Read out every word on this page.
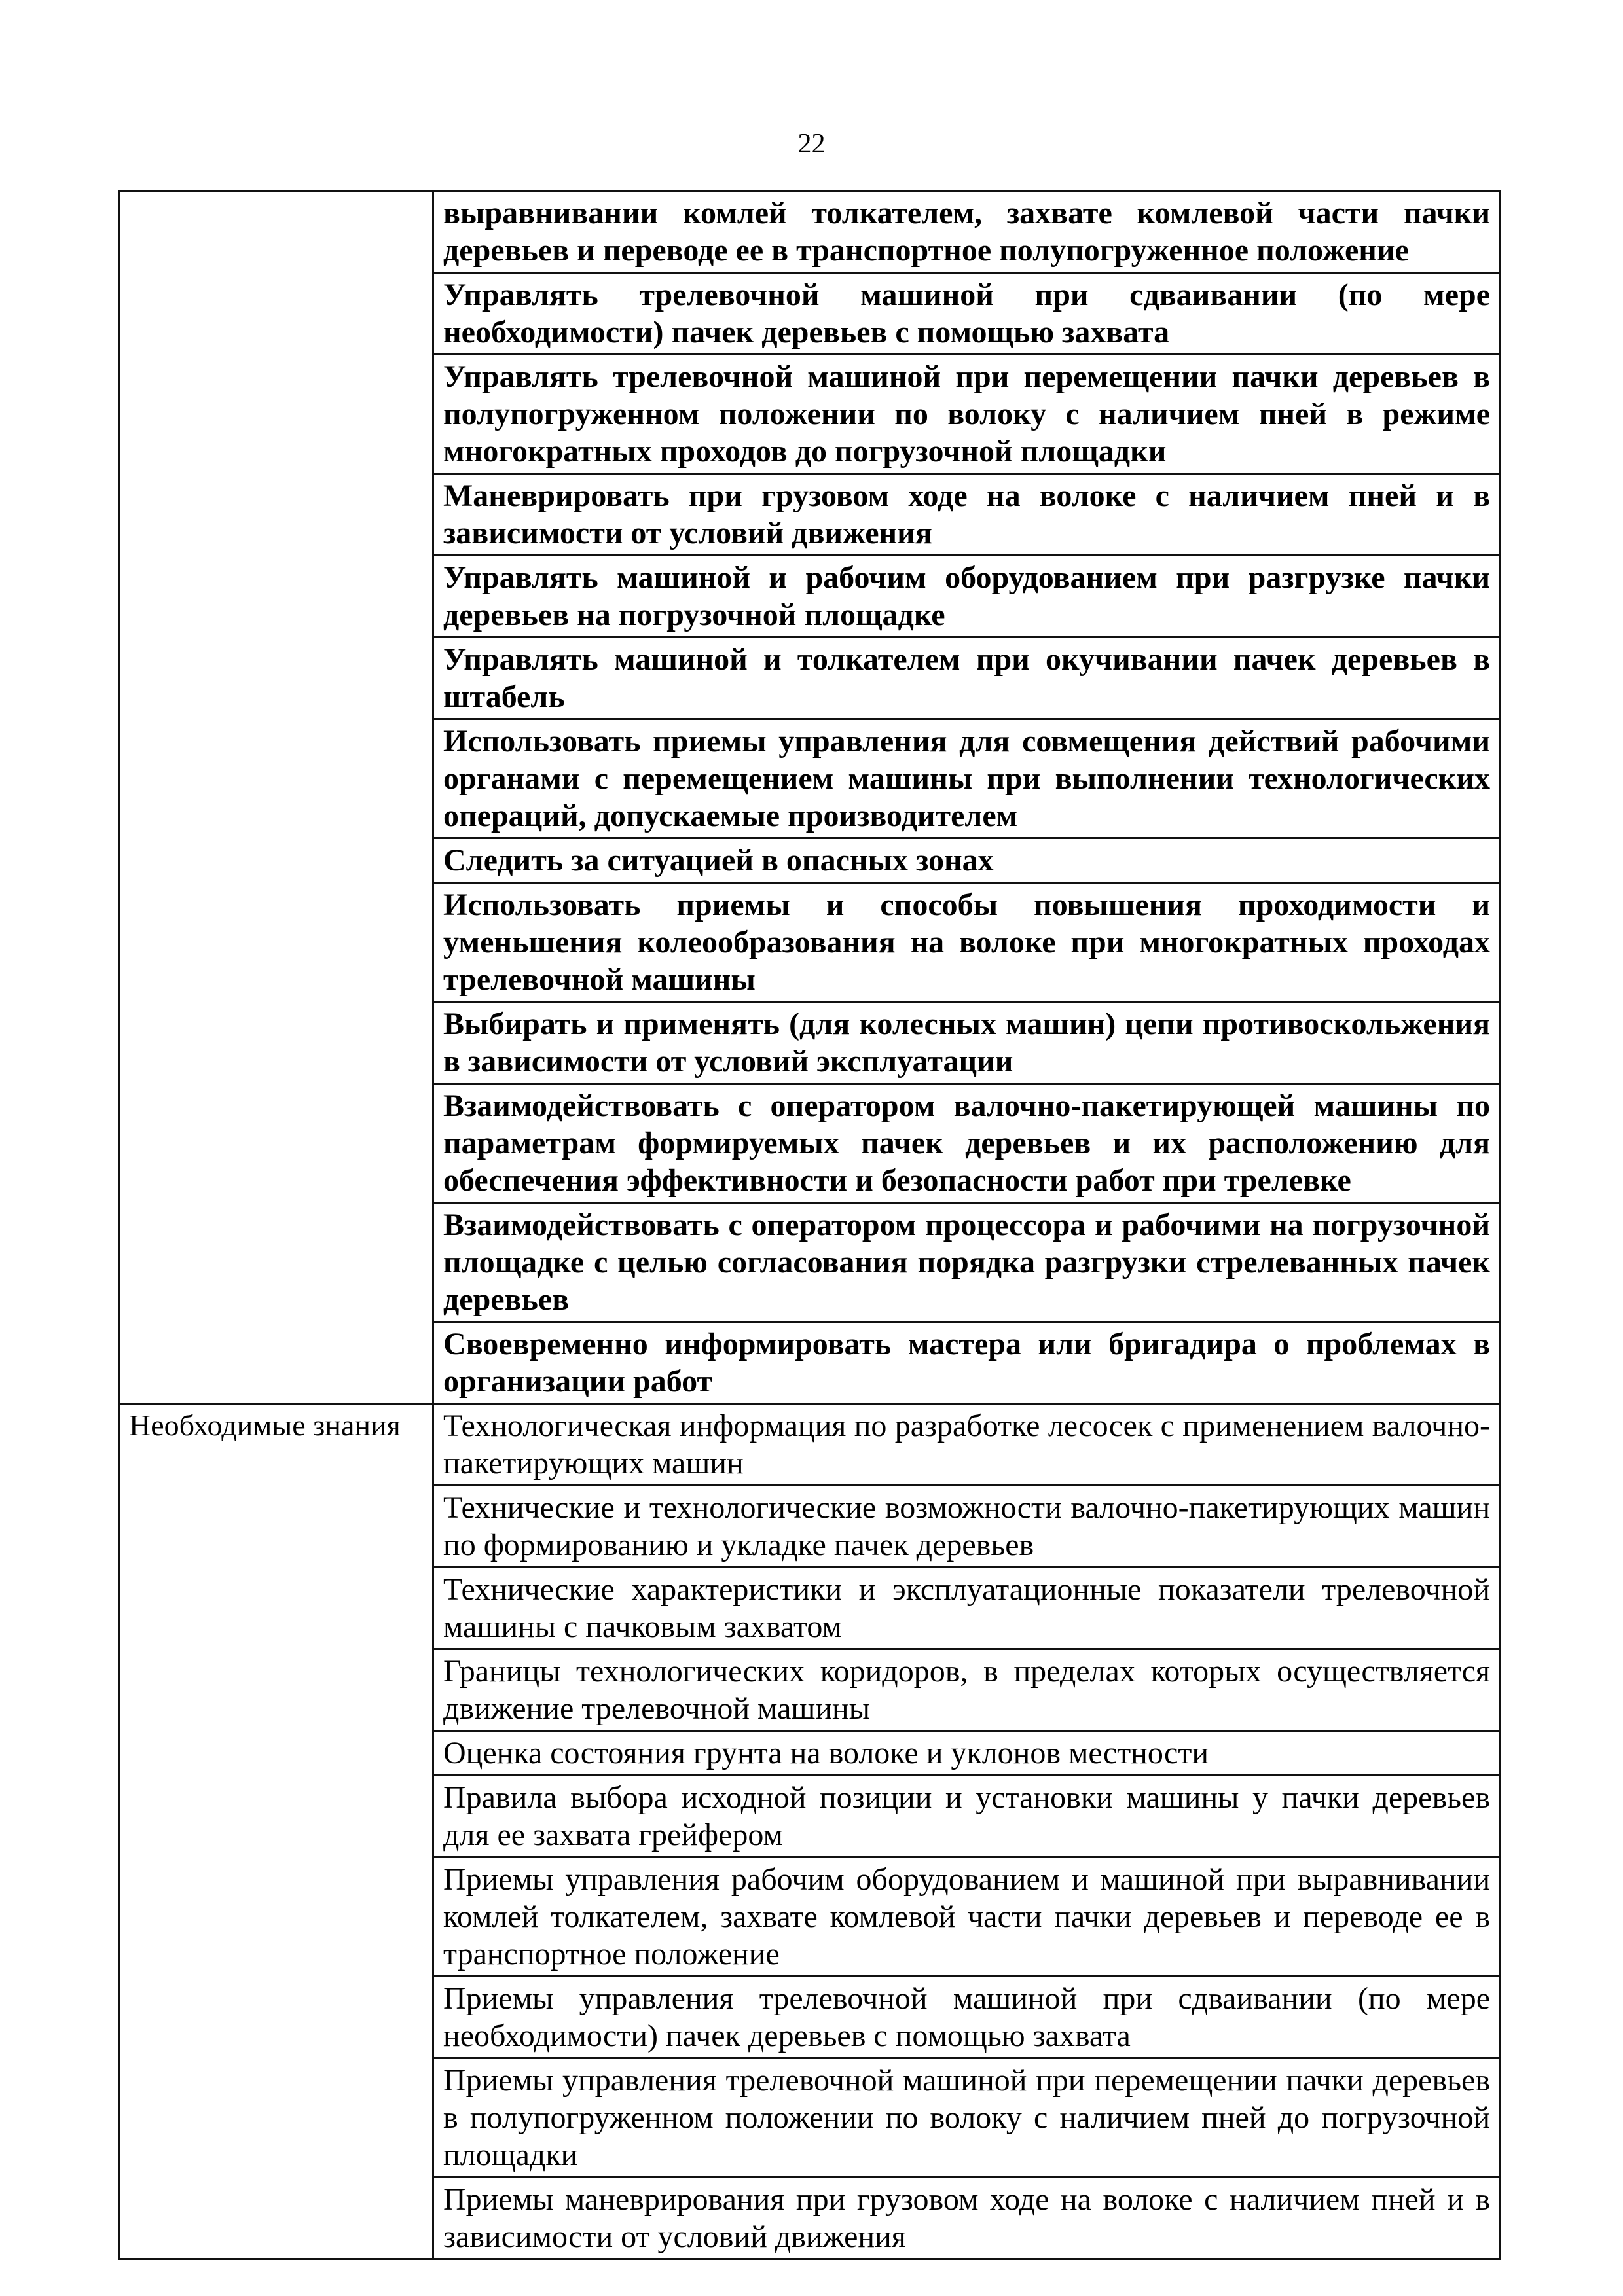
22
	выравнивании комлей толкателем, захвате комлевой части пачки деревьев и переводе ее в транспортное полупогруженное положение
	Управлять трелевочной машиной при сдваивании (по мере необходимости) пачек деревьев с помощью захвата
	Управлять трелевочной машиной при перемещении пачки деревьев в полупогруженном положении по волоку с наличием пней в режиме многократных проходов до погрузочной площадки
	Маневрировать при грузовом ходе на волоке с наличием пней и в зависимости от условий движения
	Управлять машиной и рабочим оборудованием при разгрузке пачки деревьев на погрузочной площадке
	Управлять машиной и толкателем при окучивании пачек деревьев в штабель
	Использовать приемы управления для совмещения действий рабочими органами с перемещением машины при выполнении технологических операций, допускаемые производителем
	Следить за ситуацией в опасных зонах
	Использовать приемы и способы повышения проходимости и уменьшения колеообразования на волоке при многократных проходах трелевочной машины
	Выбирать и применять (для колесных машин) цепи противоскольжения в зависимости от условий эксплуатации
	Взаимодействовать с оператором валочно-пакетирующей машины по параметрам формируемых пачек деревьев и их расположению для обеспечения эффективности и безопасности работ при трелевке
	Взаимодействовать с оператором процессора и рабочими на погрузочной площадке с целью согласования порядка разгрузки стрелеванных пачек деревьев
	Своевременно информировать мастера или бригадира о проблемах в организации работ

Необходимые знания	Технологическая информация по разработке лесосек с применением валочно-пакетирующих машин
	Технические и технологические возможности валочно-пакетирующих машин по формированию и укладке пачек деревьев
	Технические характеристики и эксплуатационные показатели трелевочной машины с пачковым захватом
	Границы технологических коридоров, в пределах которых осуществляется движение трелевочной машины
	Оценка состояния грунта на волоке и уклонов местности
	Правила выбора исходной позиции и установки машины у пачки деревьев для ее захвата грейфером
	Приемы управления рабочим оборудованием и машиной при выравнивании комлей толкателем, захвате комлевой части пачки деревьев и переводе ее в транспортное положение
	Приемы управления трелевочной машиной при сдваивании (по мере необходимости) пачек деревьев с помощью захвата
	Приемы управления трелевочной машиной при перемещении пачки деревьев в полупогруженном положении по волоку с наличием пней до погрузочной площадки
	Приемы маневрирования при грузовом ходе на волоке с наличием пней и в зависимости от условий движения
